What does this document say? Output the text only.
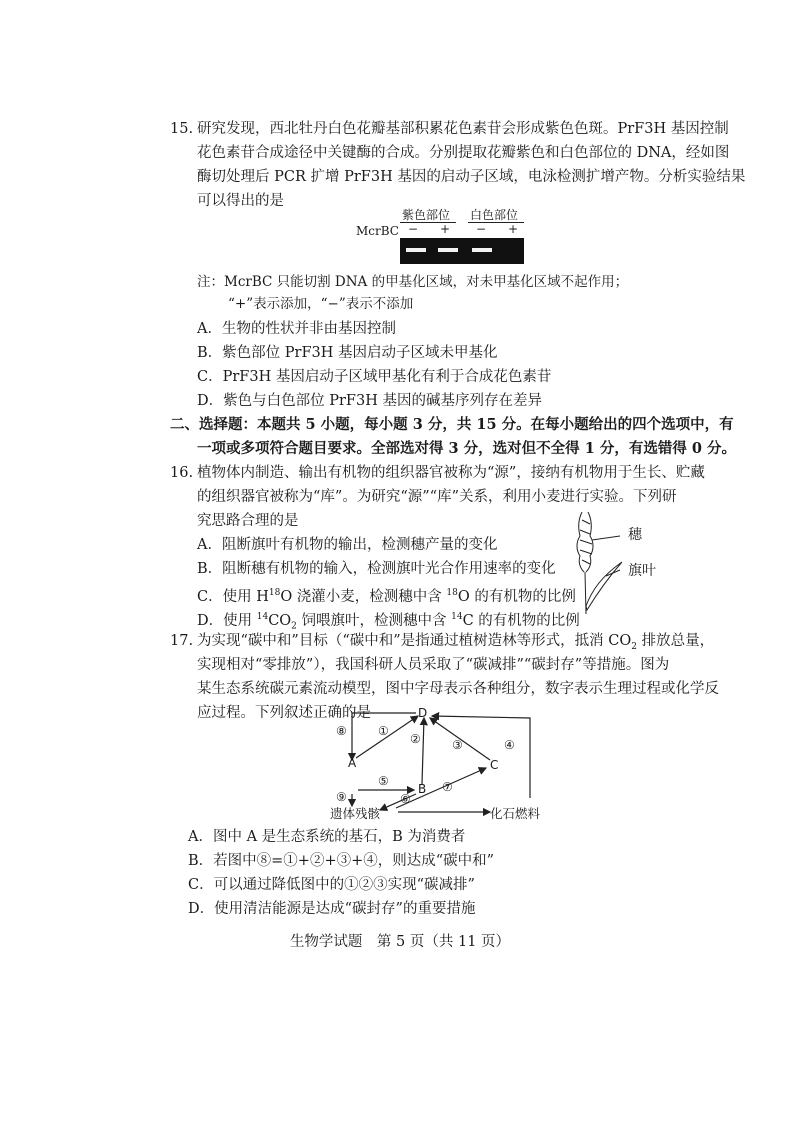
15. 研究发现，西北牡丹白色花瓣基部积累花色素苷会形成紫色色斑。PrF3H 基因控制
花色素苷合成途径中关键酶的合成。分别提取花瓣紫色和白色部位的 DNA，经如图
酶切处理后 PCR 扩增 PrF3H 基因的启动子区域，电泳检测扩增产物。分析实验结果
可以得出的是
紫色部位 白色部位
McrBC − + − +
注：McrBC 只能切割 DNA 的甲基化区域，对未甲基化区域不起作用；
“+”表示添加，“−”表示不添加
A．生物的性状并非由基因控制
B．紫色部位 PrF3H 基因启动子区域未甲基化
C．PrF3H 基因启动子区域甲基化有利于合成花色素苷
D．紫色与白色部位 PrF3H 基因的碱基序列存在差异
二、选择题：本题共 5 小题，每小题 3 分，共 15 分。在每小题给出的四个选项中，有
一项或多项符合题目要求。全部选对得 3 分，选对但不全得 1 分，有选错得 0 分。
16. 植物体内制造、输出有机物的组织器官被称为“源”，接纳有机物用于生长、贮藏
的组织器官被称为“库”。为研究“源”“库”关系，利用小麦进行实验。下列研
究思路合理的是
A．阻断旗叶有机物的输出，检测穗产量的变化
B．阻断穗有机物的输入，检测旗叶光合作用速率的变化
C．使用 $H^{18}O$ 浇灌小麦，检测穗中含 $^{18}$O 的有机物的比例
D．使用 $^{14}CO_2$ 饲喂旗叶，检测穗中含 $^{14}$C 的有机物的比例
穗
旗叶
17. 为实现“碳中和”目标（“碳中和”是指通过植树造林等形式，抵消 $CO_2$ 排放总量，
实现相对“零排放”），我国科研人员采取了“碳减排”“碳封存”等措施。图为
某生态系统碳元素流动模型，图中字母表示各种组分，数字表示生理过程或化学反
应过程。下列叙述正确的是	D
A
B
C
遗体残骸	化石燃料
①
②	③	④
⑤
⑥
⑦
⑧
⑨
A．图中 A 是生态系统的基石，B 为消费者
B．若图中⑧=①+②+③+④，则达成“碳中和”
C．可以通过降低图中的①②③实现“碳减排”
D．使用清洁能源是达成“碳封存”的重要措施
生物学试题　第 5 页（共 11 页）
